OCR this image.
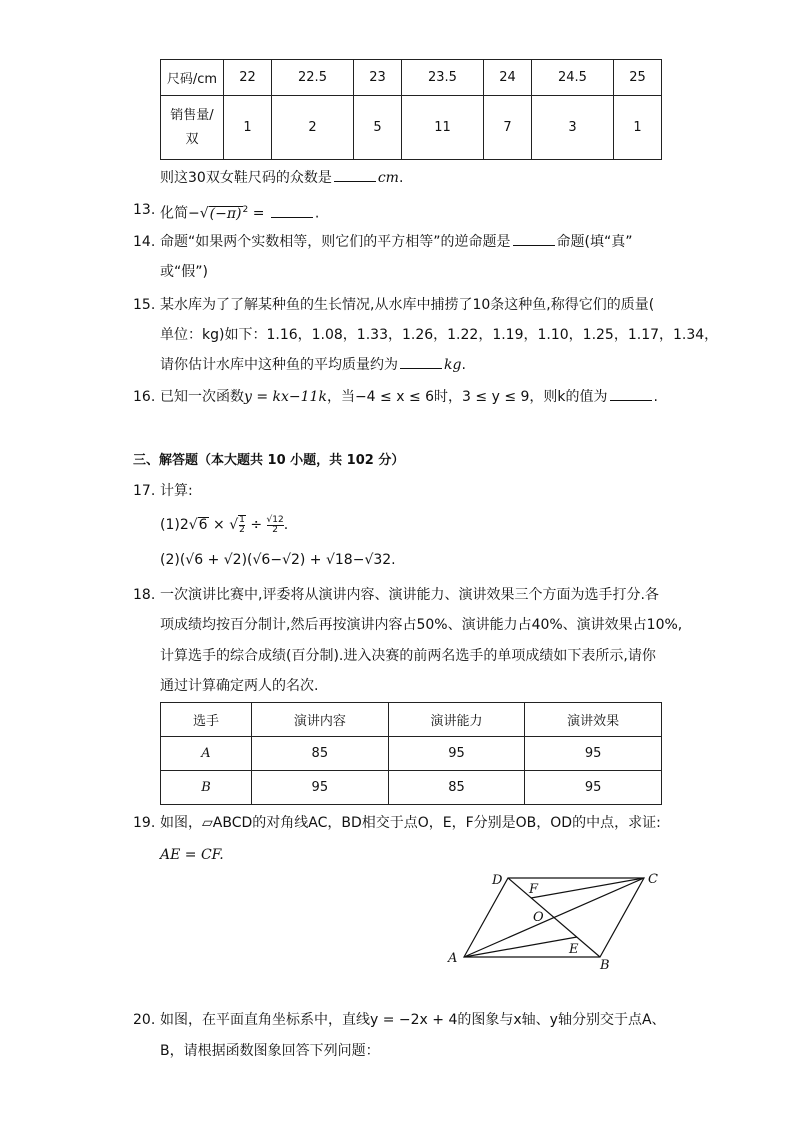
尺码/cm	22	22.5	23	23.5	24	24.5	25
销售量/
双	1	2	5	11	7	3	1
则这30双女鞋尺码的众数是	cm.
13. 化简$-√(-\pi)^2$ =	.
14. 命题“如果两个实数相等，则它们的平方相等”的逆命题是	命题(填“真”
或“假”)
15. 某水库为了了解某种鱼的生长情况,从水库中捕捞了10条这种鱼,称得它们的质量(
单位：kg)如下：1.16，1.08，1.33，1.26，1.22，1.19，1.10，1.25，1.17，1.34，
请你估计水库中这种鱼的平均质量约为	kg.
16. 已知一次函数y = kx−11k，当−4 ≤ x ≤ 6时，3 ≤ y ≤ 9，则k的值为	.
三、解答题（本大题共 10 小题，共 102 分）
17. 计算:
(1)2√6 × √ $\frac{1}{2} \div \frac{√12}{2}$ .
(2)(√6 + √2)(√6−√2) + √18−√32.
18. 一次演讲比赛中,评委将从演讲内容、演讲能力、演讲效果三个方面为选手打分.各
项成绩均按百分制计,然后再按演讲内容占50%、演讲能力占40%、演讲效果占10%,
计算选手的综合成绩(百分制).进入决赛的前两名选手的单项成绩如下表所示,请你
通过计算确定两人的名次.
选手	演讲内容	演讲能力	演讲效果
A	85	95	95
B	95	85	95
19. 如图，▱ABCD的对角线AC，BD相交于点O，E，F分别是OB，OD的中点，求证:
AE = CF.
A	B
C
D
O
E
F
20. 如图，在平面直角坐标系中，直线y = −2x + 4的图象与x轴、y轴分别交于点A、
B，请根据函数图象回答下列问题：
